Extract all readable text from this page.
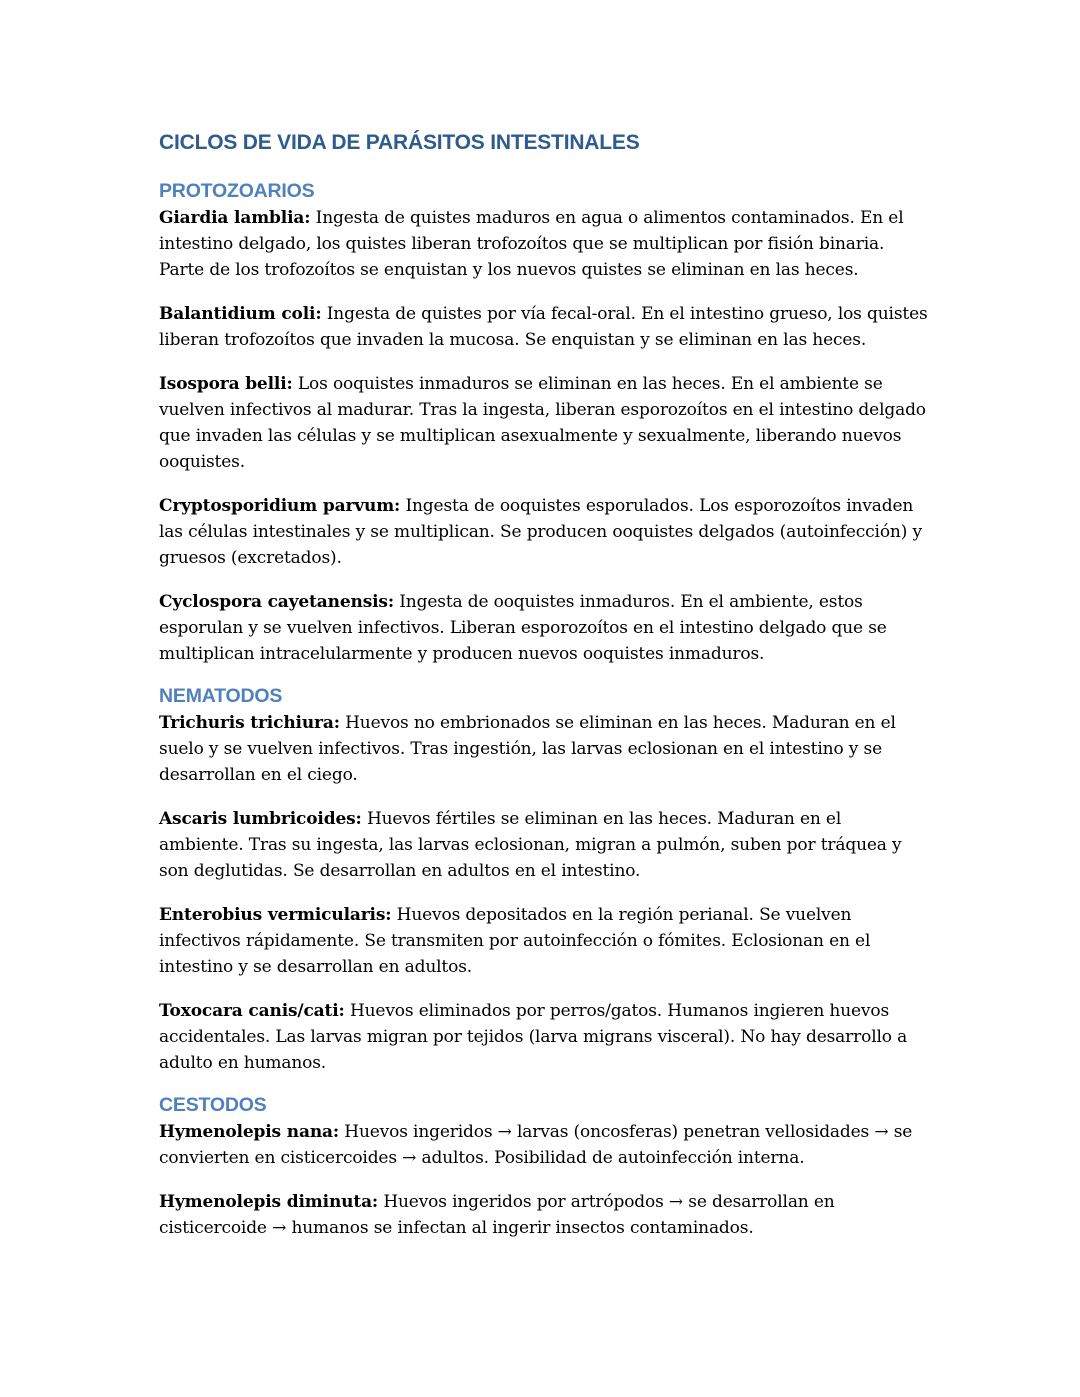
CICLOS DE VIDA DE PARÁSITOS INTESTINALES
PROTOZOARIOS

Giardia lamblia: Ingesta de quistes maduros en agua o alimentos contaminados. En el intestino delgado, los quistes liberan trofozoítos que se multiplican por fisión binaria. Parte de los trofozoítos se enquistan y los nuevos quistes se eliminan en las heces.

Balantidium coli: Ingesta de quistes por vía fecal-oral. En el intestino grueso, los quistes liberan trofozoítos que invaden la mucosa. Se enquistan y se eliminan en las heces.

Isospora belli: Los ooquistes inmaduros se eliminan en las heces. En el ambiente se vuelven infectivos al madurar. Tras la ingesta, liberan esporozoítos en el intestino delgado que invaden las células y se multiplican asexualmente y sexualmente, liberando nuevos ooquistes.

Cryptosporidium parvum: Ingesta de ooquistes esporulados. Los esporozoítos invaden las células intestinales y se multiplican. Se producen ooquistes delgados (autoinfección) y gruesos (excretados).

Cyclospora cayetanensis: Ingesta de ooquistes inmaduros. En el ambiente, estos esporulan y se vuelven infectivos. Liberan esporozoítos en el intestino delgado que se multiplican intracelularmente y producen nuevos ooquistes inmaduros.

NEMATODOS

Trichuris trichiura: Huevos no embrionados se eliminan en las heces. Maduran en el suelo y se vuelven infectivos. Tras ingestión, las larvas eclosionan en el intestino y se desarrollan en el ciego.

Ascaris lumbricoides: Huevos fértiles se eliminan en las heces. Maduran en el ambiente. Tras su ingesta, las larvas eclosionan, migran a pulmón, suben por tráquea y son deglutidas. Se desarrollan en adultos en el intestino.

Enterobius vermicularis: Huevos depositados en la región perianal. Se vuelven infectivos rápidamente. Se transmiten por autoinfección o fómites. Eclosionan en el intestino y se desarrollan en adultos.

Toxocara canis/cati: Huevos eliminados por perros/gatos. Humanos ingieren huevos accidentales. Las larvas migran por tejidos (larva migrans visceral). No hay desarrollo a adulto en humanos.

CESTODOS

Hymenolepis nana: Huevos ingeridos → larvas (oncosferas) penetran vellosidades → se convierten en cisticercoides → adultos. Posibilidad de autoinfección interna.

Hymenolepis diminuta: Huevos ingeridos por artrópodos → se desarrollan en cisticercoide → humanos se infectan al ingerir insectos contaminados.
